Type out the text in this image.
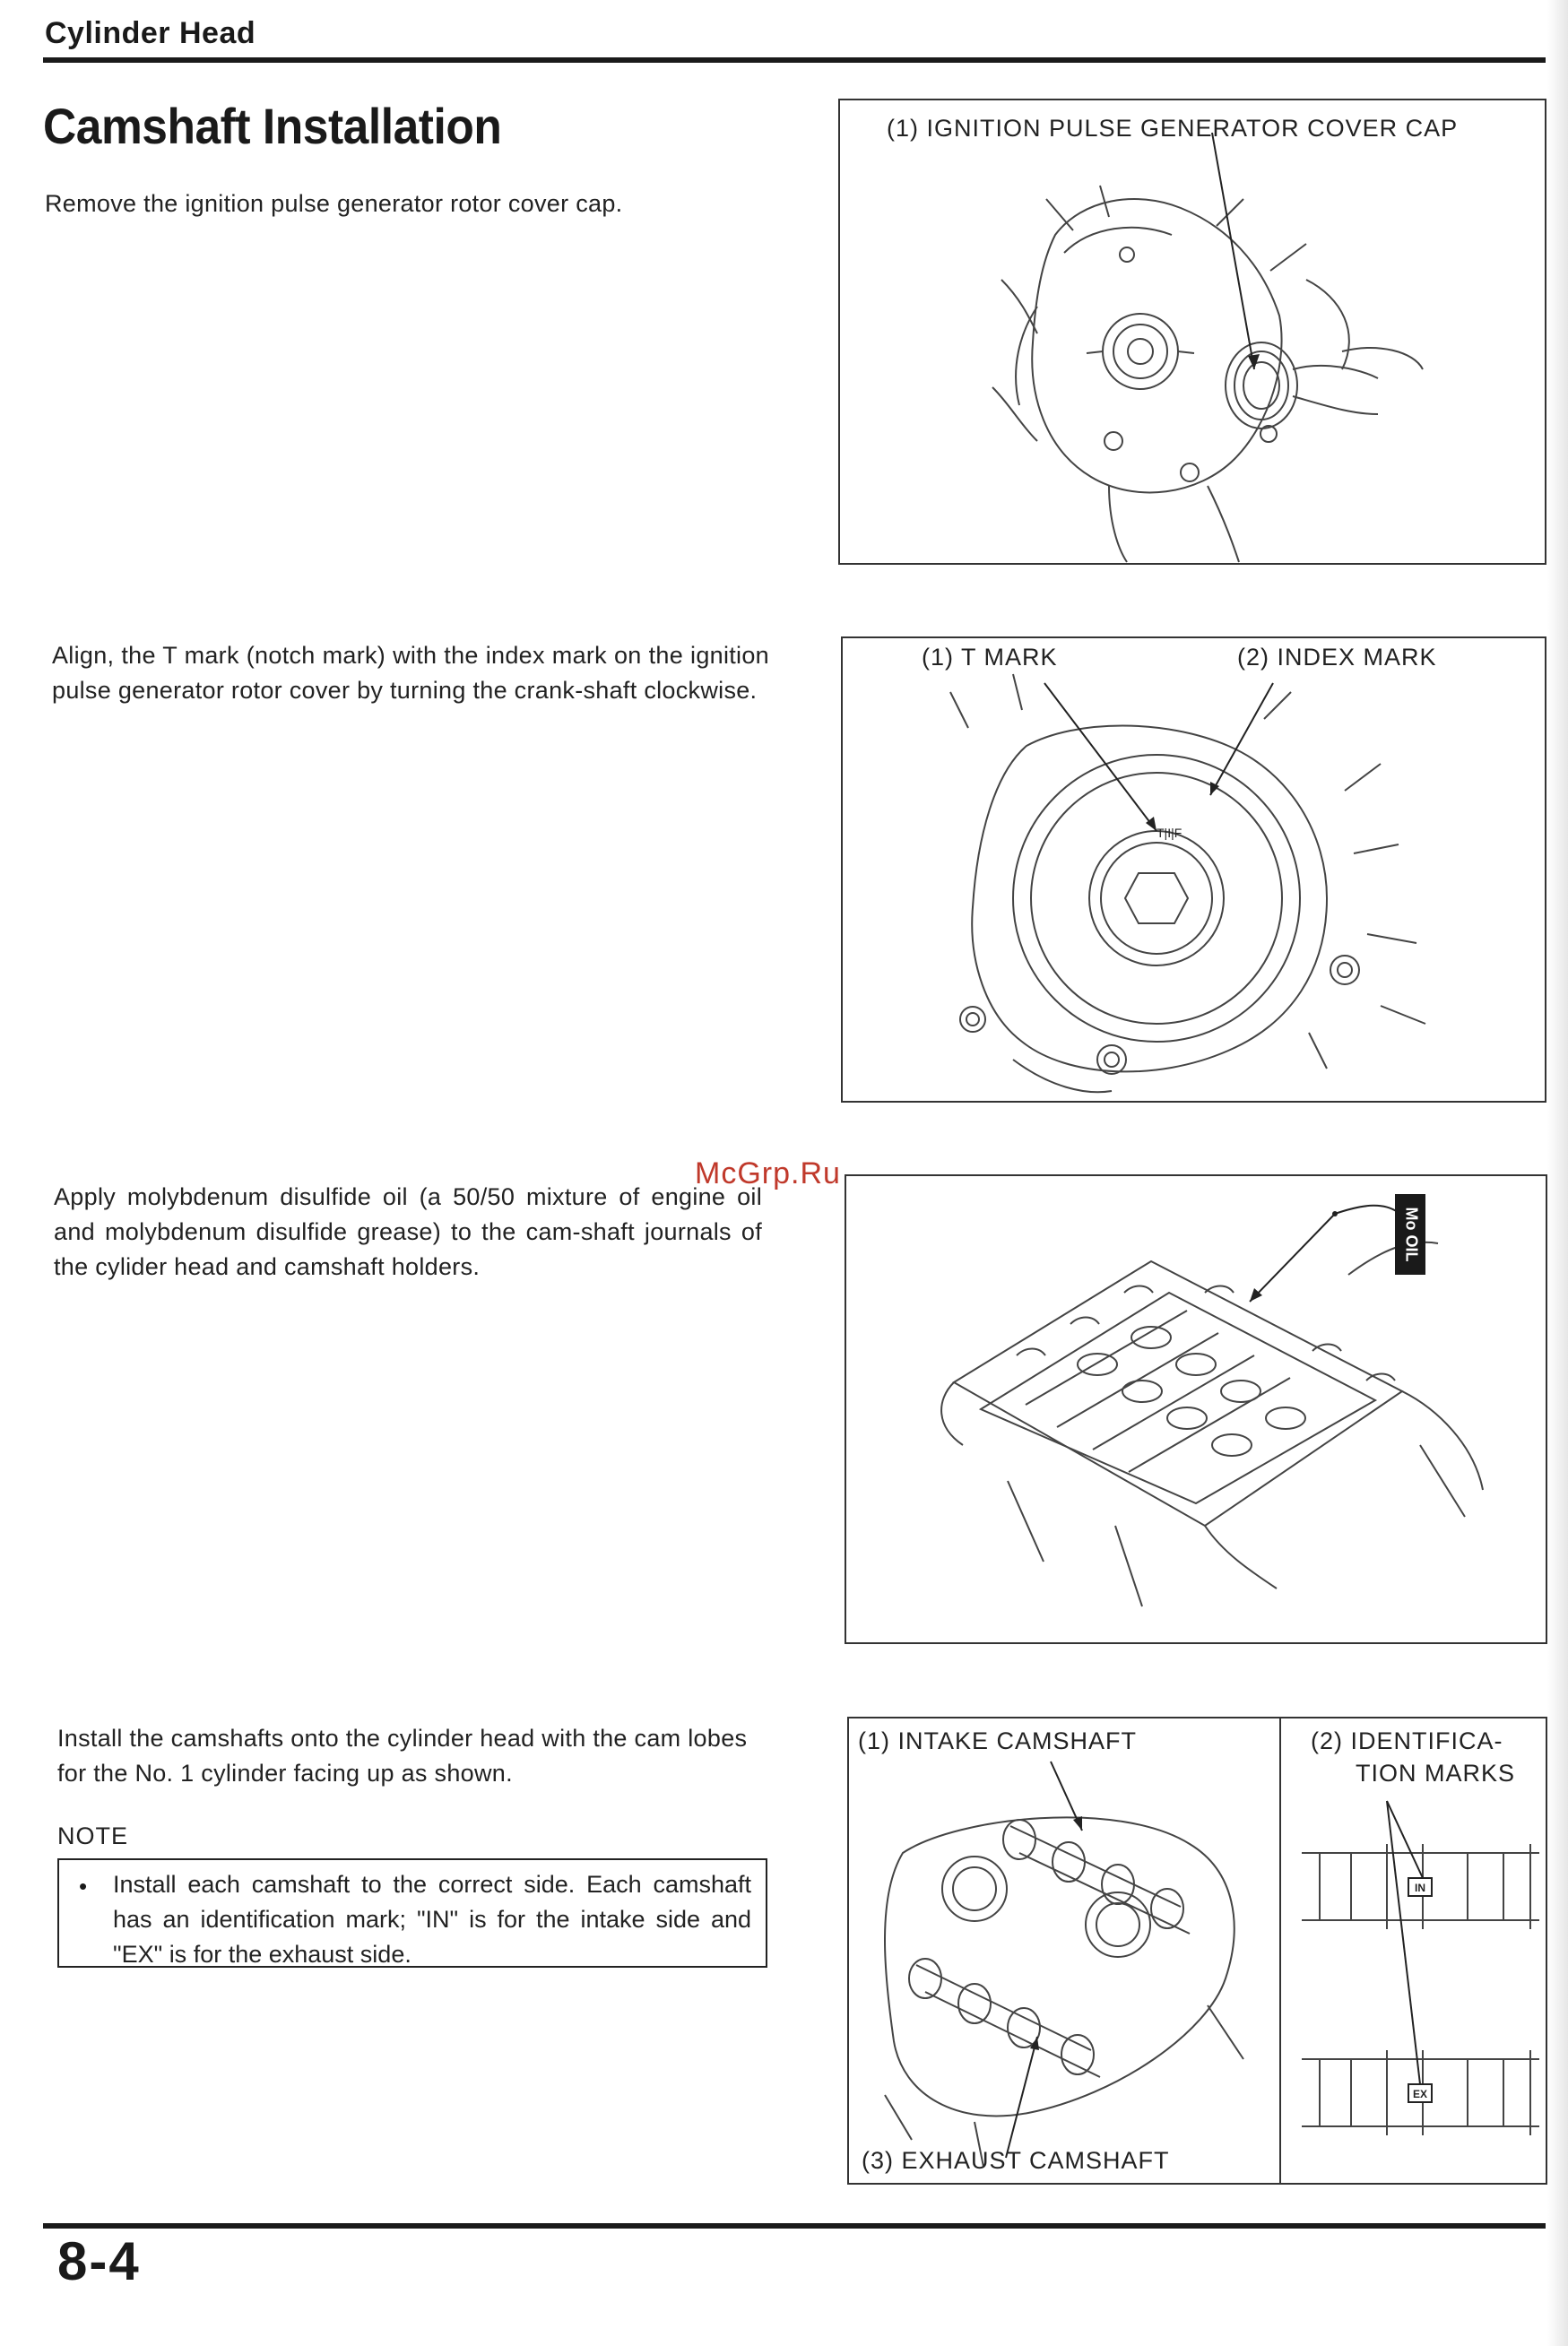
Cylinder Head
Camshaft Installation
Remove the ignition pulse generator rotor cover cap.
Align, the T mark (notch mark) with the index mark on the ignition pulse generator rotor cover by turning the crank-shaft clockwise.
Apply molybdenum disulfide oil (a 50/50 mixture of engine oil and molybdenum disulfide grease) to the cam-shaft journals of the cylider head and camshaft holders.
Install the camshafts onto the cylinder head with the cam lobes for the No. 1 cylinder facing up as shown.
NOTE
• Install each camshaft to the correct side. Each camshaft has an identification mark; "IN" is for the intake side and "EX" is for the exhaust side.
(1) IGNITION PULSE GENERATOR COVER CAP
T|I|F
(1) T MARK	(2) INDEX MARK
Mo OIL
IN
EX
(1) INTAKE CAMSHAFT	(2) IDENTIFICA-
TION MARKS
(3) EXHAUST CAMSHAFT
McGrp.Ru
8-4
